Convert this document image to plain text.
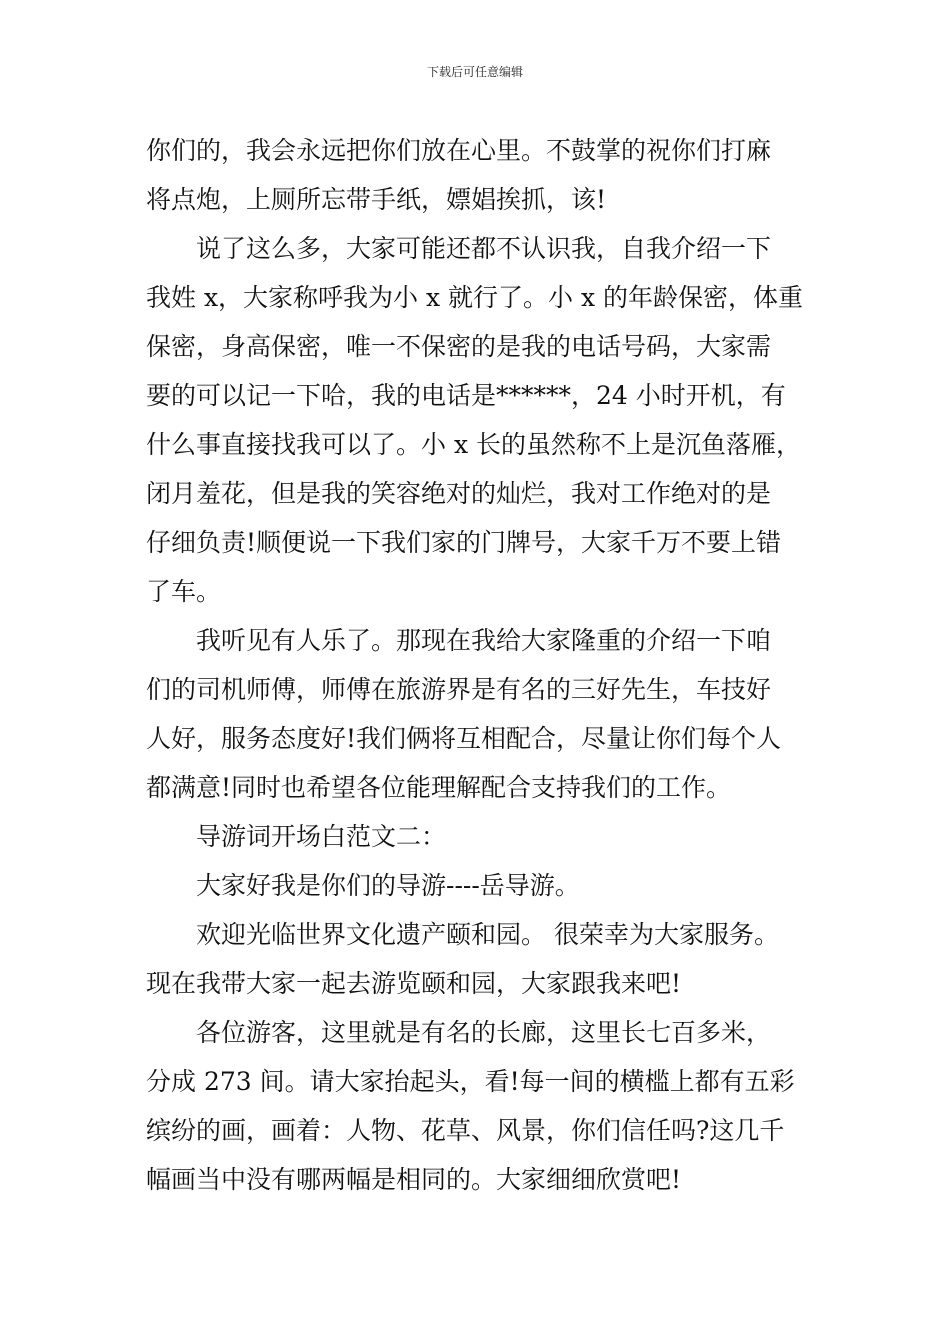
下载后可任意编辑
你们的，我会永远把你们放在心里。不鼓掌的祝你们打麻
将点炮，上厕所忘带手纸，嫖娼挨抓，该!
说了这么多，大家可能还都不认识我，自我介绍一下
我姓 x，大家称呼我为小 x 就行了。小 x 的年龄保密，体重
保密，身高保密，唯一不保密的是我的电话号码，大家需
要的可以记一下哈，我的电话是******，24 小时开机，有
什么事直接找我可以了。小 x 长的虽然称不上是沉鱼落雁，
闭月羞花，但是我的笑容绝对的灿烂，我对工作绝对的是
仔细负责!顺便说一下我们家的门牌号，大家千万不要上错
了车。
我听见有人乐了。那现在我给大家隆重的介绍一下咱
们的司机师傅，师傅在旅游界是有名的三好先生，车技好
人好，服务态度好!我们俩将互相配合，尽量让你们每个人
都满意!同时也希望各位能理解配合支持我们的工作。
导游词开场白范文二：
大家好我是你们的导游----岳导游。
欢迎光临世界文化遗产颐和园。 很荣幸为大家服务。
现在我带大家一起去游览颐和园，大家跟我来吧!
各位游客，这里就是有名的长廊，这里长七百多米，
分成 273 间。请大家抬起头，看!每一间的横槛上都有五彩
缤纷的画，画着：人物、花草、风景，你们信任吗?这几千
幅画当中没有哪两幅是相同的。大家细细欣赏吧!
